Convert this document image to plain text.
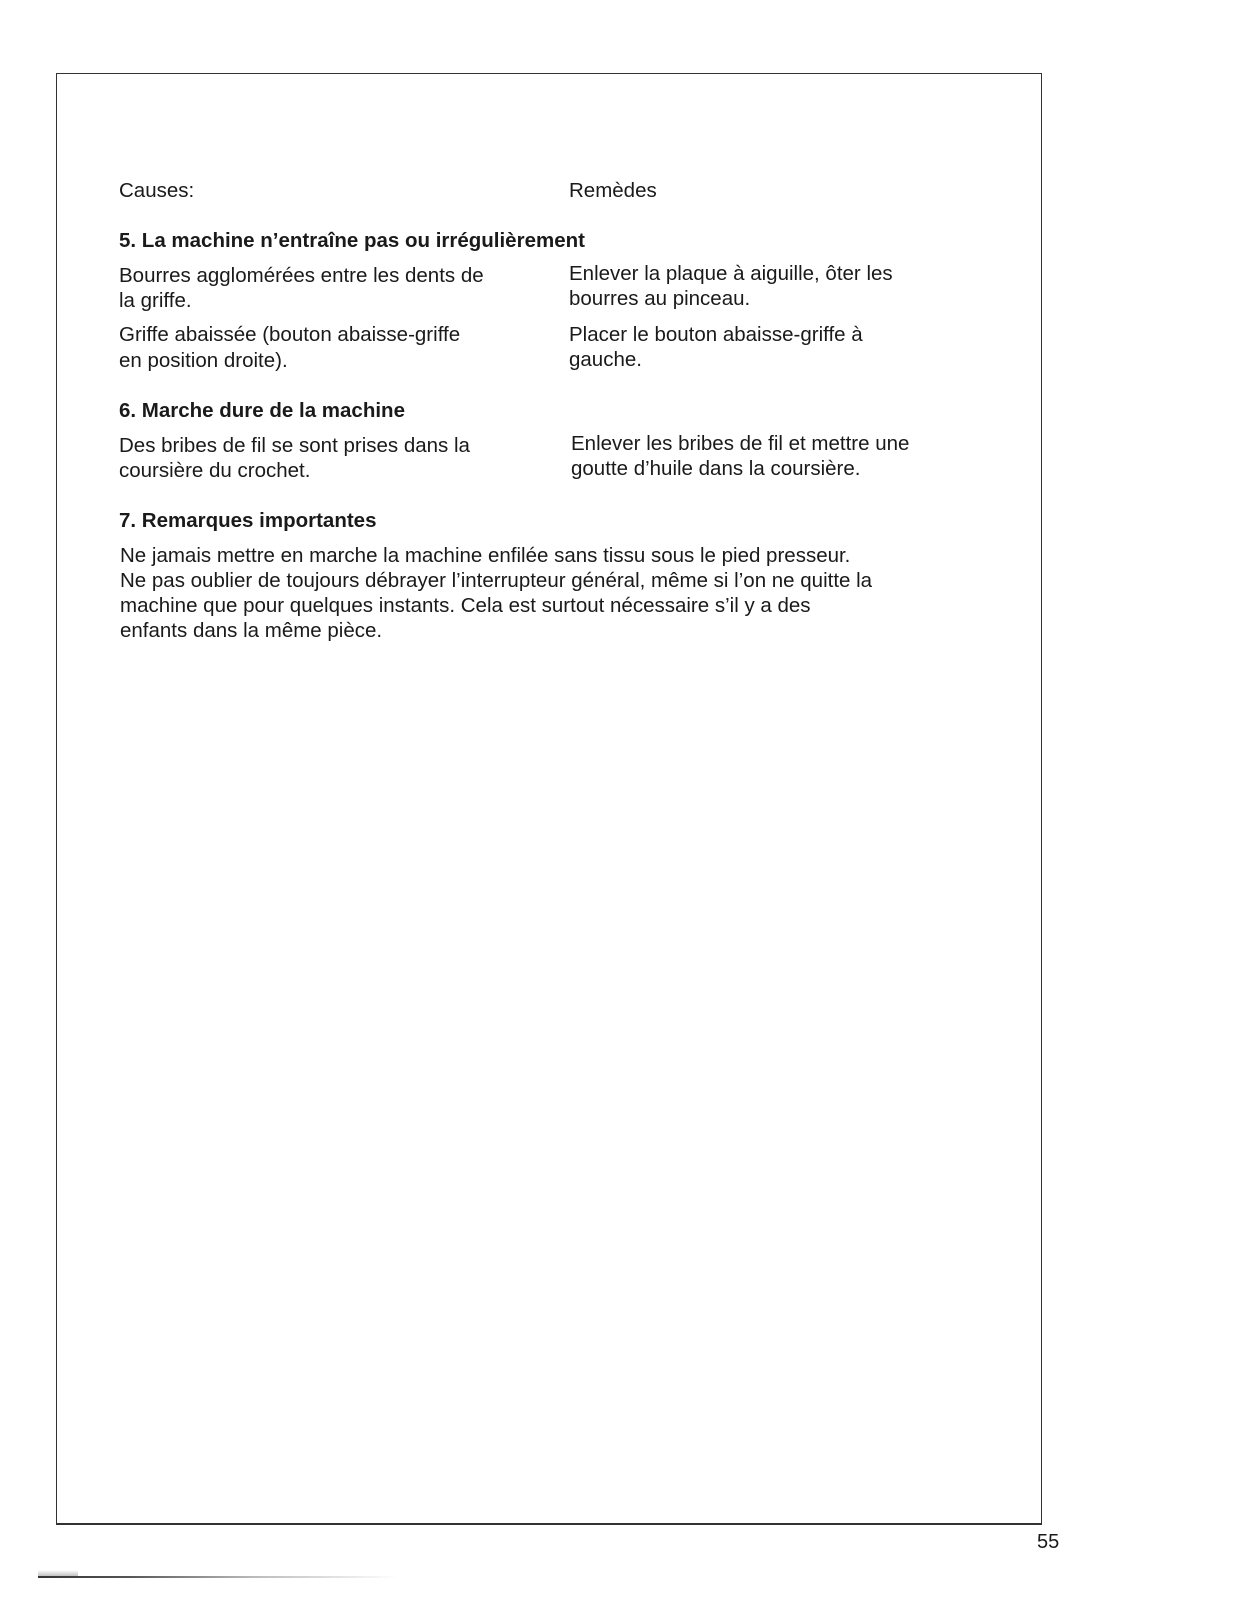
Causes:	Remèdes
5. La machine n’entraîne pas ou irrégulièrement
Bourres agglomérées entre les dents de
la griffe.
Enlever la plaque à aiguille, ôter les
bourres au pinceau.
Griffe abaissée (bouton abaisse-griffe
en position droite).
Placer le bouton abaisse-griffe à
gauche.
6. Marche dure de la machine
Des bribes de fil se sont prises dans la
coursière du crochet.
Enlever les bribes de fil et mettre une
goutte d’huile dans la coursière.
7. Remarques importantes
Ne jamais mettre en marche la machine enfilée sans tissu sous le pied presseur.
Ne pas oublier de toujours débrayer l’interrupteur général, même si l’on ne quitte la
machine que pour quelques instants. Cela est surtout nécessaire s’il y a des
enfants dans la même pièce.
55
